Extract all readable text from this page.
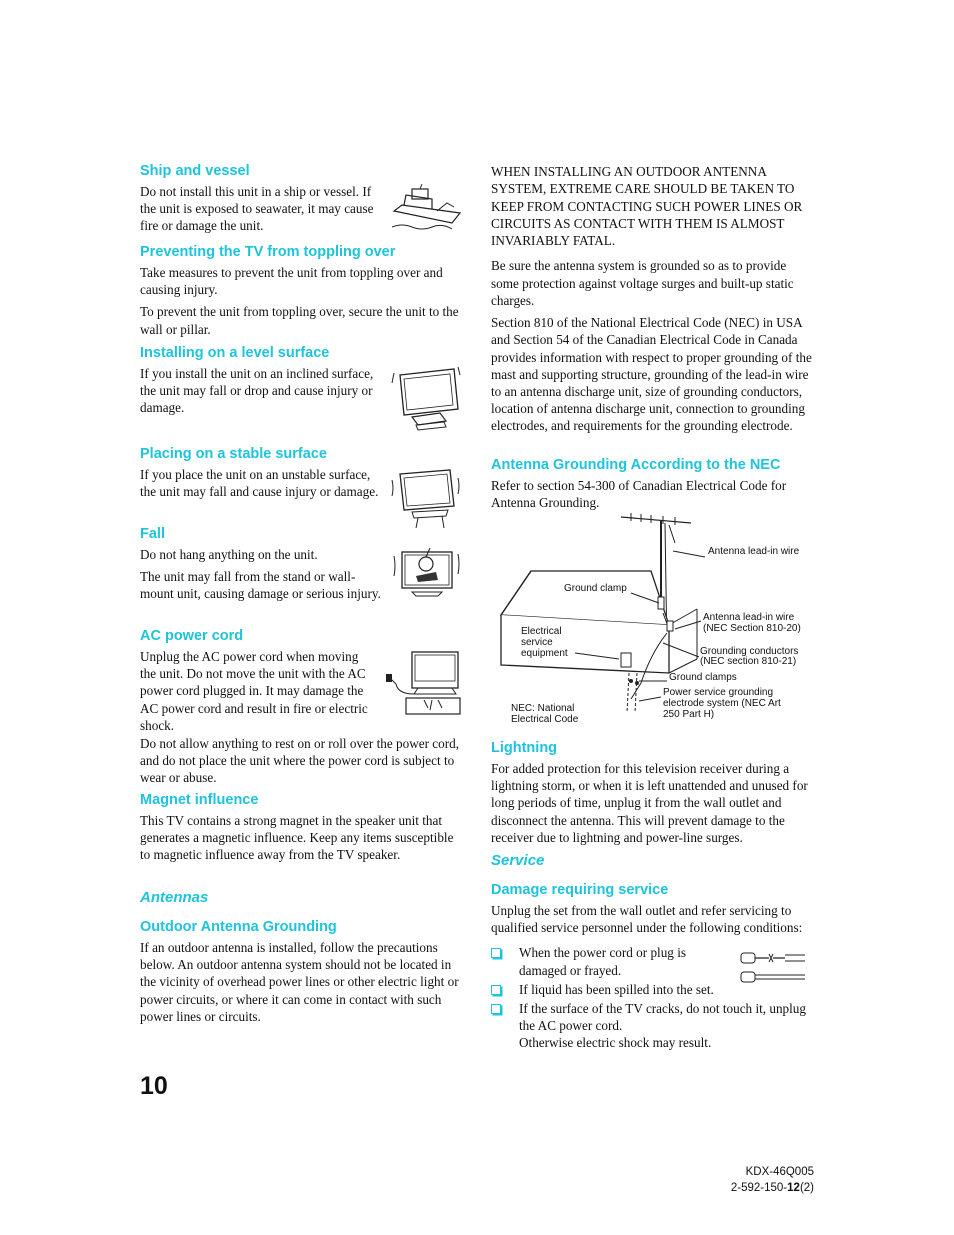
Ship and vessel

Do not install this unit in a ship or vessel. If the unit is exposed to seawater, it may cause fire or damage the unit.

Preventing the TV from toppling over

Take measures to prevent the unit from toppling over and causing injury.

To prevent the unit from toppling over, secure the unit to the wall or pillar.

Installing on a level surface

If you install the unit on an inclined surface, the unit may fall or drop and cause injury or damage.

Placing on a stable surface

If you place the unit on an unstable surface, the unit may fall and cause injury or damage.

Fall

Do not hang anything on the unit.

The unit may fall from the stand or wall-mount unit, causing damage or serious injury.

AC power cord

Unplug the AC power cord when moving the unit. Do not move the unit with the AC power cord plugged in. It may damage the AC power cord and result in fire or electric shock.

Do not allow anything to rest on or roll over the power cord, and do not place the unit where the power cord is subject to wear or abuse.

Magnet influence

This TV contains a strong magnet in the speaker unit that generates a magnetic influence. Keep any items susceptible to magnetic influence away from the TV speaker.

Antennas
Outdoor Antenna Grounding

If an outdoor antenna is installed, follow the precautions below. An outdoor antenna system should not be located in the vicinity of overhead power lines or other electric light or power circuits, or where it can come in contact with such power lines or circuits.

WHEN INSTALLING AN OUTDOOR ANTENNA SYSTEM, EXTREME CARE SHOULD BE TAKEN TO KEEP FROM CONTACTING SUCH POWER LINES OR CIRCUITS AS CONTACT WITH THEM IS ALMOST INVARIABLY FATAL.

Be sure the antenna system is grounded so as to provide some protection against voltage surges and built-up static charges.

Section 810 of the National Electrical Code (NEC) in USA and Section 54 of the Canadian Electrical Code in Canada provides information with respect to proper grounding of the mast and supporting structure, grounding of the lead-in wire to an antenna discharge unit, size of grounding conductors, location of antenna discharge unit, connection to grounding electrodes, and requirements for the grounding electrode.

Antenna Grounding According to the NEC

Refer to section 54-300 of Canadian Electrical Code for Antenna Grounding.

Antenna lead-in wire
Ground clamp
Antenna lead-in wire
(NEC Section 810-20)
Electrical
service
equipment	Grounding conductors
(NEC section 810-21)
Ground clamps
Power service grounding
electrode system (NEC Art
250 Part H)
NEC: National
Electrical Code
Lightning

For added protection for this television receiver during a lightning storm, or when it is left unattended and unused for long periods of time, unplug it from the wall outlet and disconnect the antenna. This will prevent damage to the receiver due to lightning and power-line surges.

Service
Damage requiring service

Unplug the set from the wall outlet and refer servicing to qualified service personnel under the following conditions:

When the power cord or plug is damaged or frayed.
If liquid has been spilled into the set.
If the surface of the TV cracks, do not touch it, unplug the AC power cord.
Otherwise electric shock may result.
10
KDX-46Q005
2-592-150-12(2)
